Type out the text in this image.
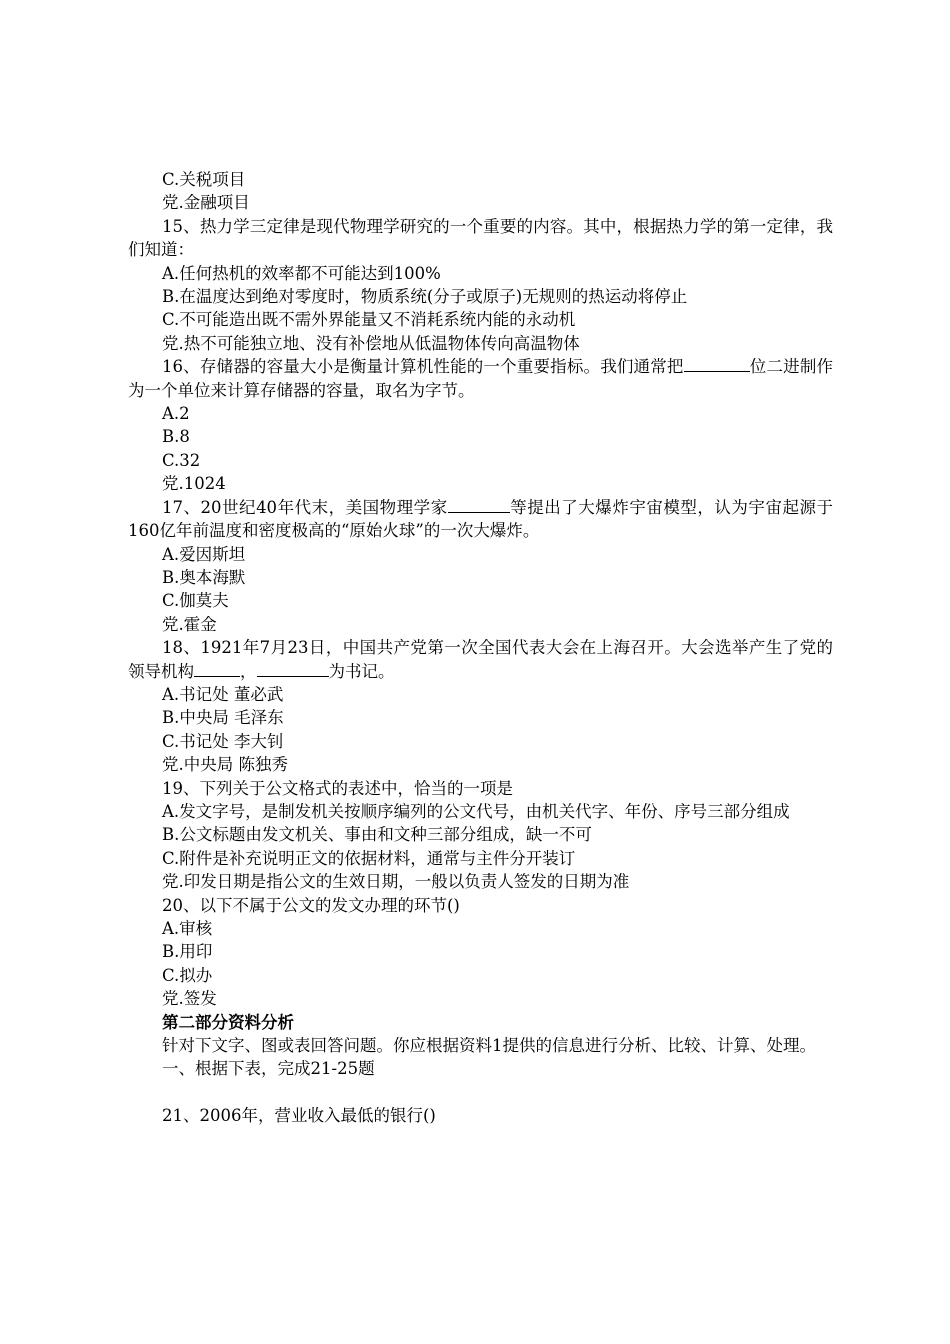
C.关税项目
党.金融项目
15、热力学三定律是现代物理学研究的一个重要的内容。其中，根据热力学的第一定律，我们知道：
A.任何热机的效率都不可能达到100%
B.在温度达到绝对零度时，物质系统(分子或原子)无规则的热运动将停止
C.不可能造出既不需外界能量又不消耗系统内能的永动机
党.热不可能独立地、没有补偿地从低温物体传向高温物体
16、存储器的容量大小是衡量计算机性能的一个重要指标。我们通常把	位二进制作为一个单位来计算存储器的容量，取名为字节。
A.2
B.8
C.32
党.1024
17、20世纪40年代末，美国物理学家	等提出了大爆炸宇宙模型，认为宇宙起源于160亿年前温度和密度极高的“原始火球”的一次大爆炸。
A.爱因斯坦
B.奥本海默
C.伽莫夫
党.霍金
18、1921年7月23日，中国共产党第一次全国代表大会在上海召开。大会选举产生了党的领导机构	，	为书记。
A.书记处 董必武
B.中央局 毛泽东
C.书记处 李大钊
党.中央局 陈独秀
19、下列关于公文格式的表述中，恰当的一项是
A.发文字号，是制发机关按顺序编列的公文代号，由机关代字、年份、序号三部分组成
B.公文标题由发文机关、事由和文种三部分组成，缺一不可
C.附件是补充说明正文的依据材料，通常与主件分开装订
党.印发日期是指公文的生效日期，一般以负责人签发的日期为准
20、以下不属于公文的发文办理的环节()
A.审核
B.用印
C.拟办
党.签发
第二部分资料分析
针对下文字、图或表回答问题。你应根据资料1提供的信息进行分析、比较、计算、处理。
一、根据下表，完成21-25题
21、2006年，营业收入最低的银行()
